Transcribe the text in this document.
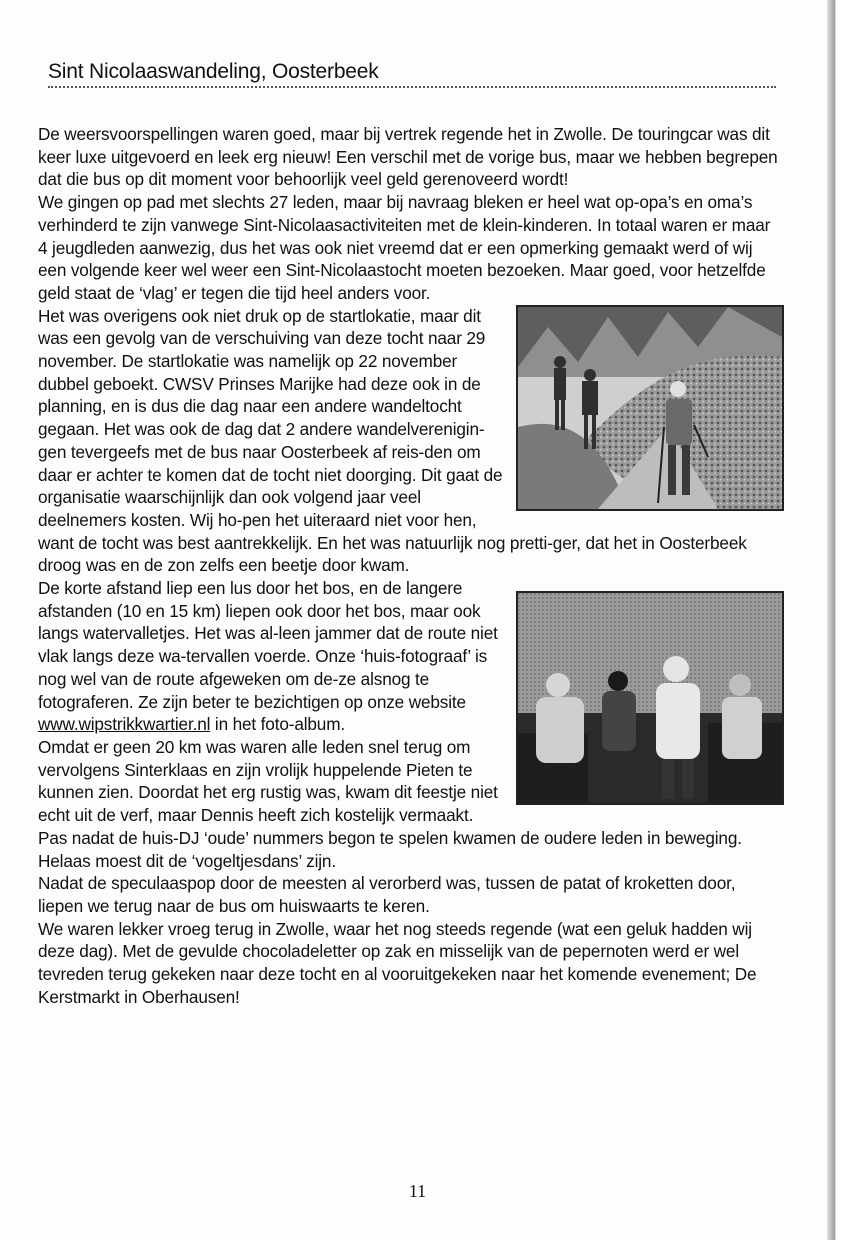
Sint Nicolaaswandeling, Oosterbeek

De weersvoorspellingen waren goed, maar bij vertrek regende het in Zwolle. De touringcar was dit keer luxe uitgevoerd en leek erg nieuw! Een verschil met de vorige bus, maar we hebben begrepen dat die bus op dit moment voor behoorlijk veel geld gerenoveerd wordt!

We gingen op pad met slechts 27 leden, maar bij navraag bleken er heel wat op-opa’s en oma’s verhinderd te zijn vanwege Sint-Nicolaasactiviteiten met de klein-kinderen. In totaal waren er maar 4 jeugdleden aanwezig, dus het was ook niet vreemd dat er een opmerking gemaakt werd of wij een volgende keer wel weer een Sint-Nicolaastocht moeten bezoeken. Maar goed, voor hetzelfde geld staat de ‘vlag’ er tegen die tijd heel anders voor.

Het was overigens ook niet druk op de startlokatie, maar dit was een gevolg van de verschuiving van deze tocht naar 29 november. De startlokatie was namelijk op 22 november dubbel geboekt. CWSV Prinses Marijke had deze ook in de planning, en is dus die dag naar een andere wandeltocht gegaan. Het was ook de dag dat 2 andere wandelverenigin-gen tevergeefs met de bus naar Oosterbeek af reis-den om daar er achter te komen dat de tocht niet doorging. Dit gaat de organisatie waarschijnlijk dan ook volgend jaar veel deelnemers kosten. Wij ho-pen het uiteraard niet voor hen, want de tocht was best aantrekkelijk. En het was natuurlijk nog pretti-ger, dat het in Oosterbeek droog was en de zon zelfs een beetje door kwam.

De korte afstand liep een lus door het bos, en de langere afstanden (10 en 15 km) liepen ook door het bos, maar ook langs watervalletjes. Het was al-leen jammer dat de route niet vlak langs deze wa-tervallen voerde. Onze ‘huis-fotograaf’ is nog wel van de route afgeweken om de-ze alsnog te fotograferen. Ze zijn beter te bezichtigen op onze website www.wipstrikkwartier.nl in het foto-album.

Omdat er geen 20 km was waren alle leden snel terug om vervolgens Sinterklaas en zijn vrolijk huppelende Pieten te kunnen zien. Doordat het erg rustig was, kwam dit feestje niet echt uit de verf, maar Dennis heeft zich kostelijk vermaakt. Pas nadat de huis-DJ ‘oude’ nummers begon te spelen kwamen de oudere leden in beweging. Helaas moest dit de ‘vogeltjesdans’ zijn.

Nadat de speculaaspop door de meesten al verorberd was, tussen de patat of kroketten door, liepen we terug naar de bus om huiswaarts te keren.

We waren lekker vroeg terug in Zwolle, waar het nog steeds regende (wat een geluk hadden wij deze dag). Met de gevulde chocoladeletter op zak en misselijk van de pepernoten werd er wel tevreden terug gekeken naar deze tocht en al vooruitgekeken naar het komende evenement; De Kerstmarkt in Oberhausen!

11
